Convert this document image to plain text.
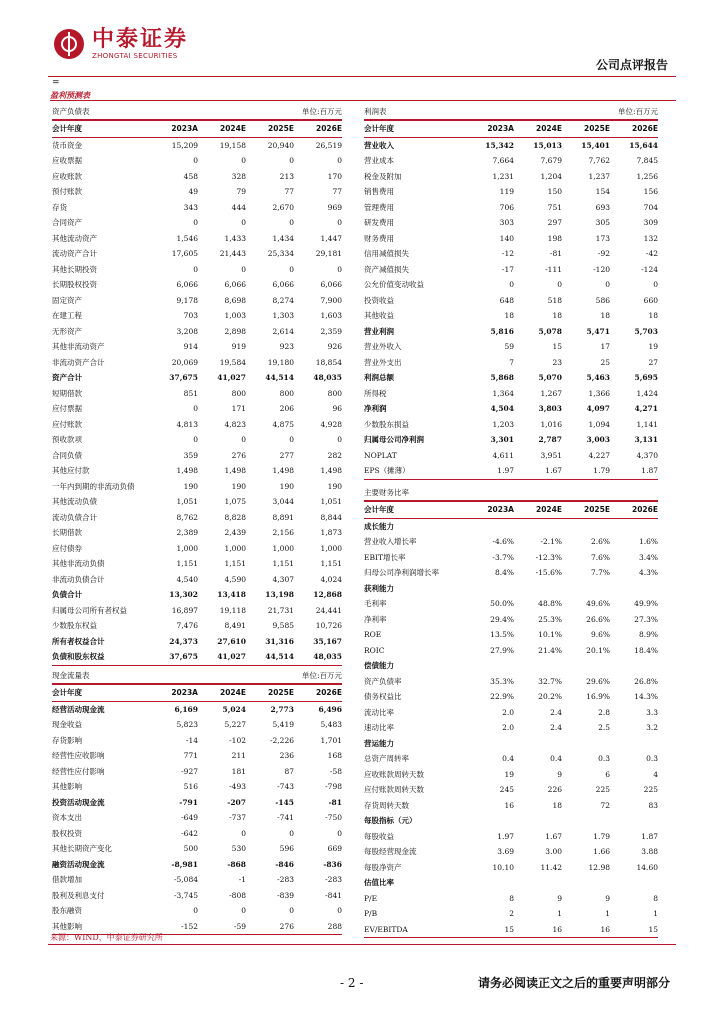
中泰证券
ZHONGTAI SECURITIES
公司点评报告
=
盈利预测表
资产负债表	单位:百万元
会计年度	2023A	2024E	2025E	2026E
货币资金	15,209	19,158	20,940	26,519
应收票据	0	0	0	0
应收账款	458	328	213	170
预付账款	49	79	77	77
存货	343	444	2,670	969
合同资产	0	0	0	0
其他流动资产	1,546	1,433	1,434	1,447
流动资产合计	17,605	21,443	25,334	29,181
其他长期投资	0	0	0	0
长期股权投资	6,066	6,066	6,066	6,066
固定资产	9,178	8,698	8,274	7,900
在建工程	703	1,003	1,303	1,603
无形资产	3,208	2,898	2,614	2,359
其他非流动资产	914	919	923	926
非流动资产合计	20,069	19,584	19,180	18,854
资产合计	37,675	41,027	44,514	48,035
短期借款	851	800	800	800
应付票据	0	171	206	96
应付账款	4,813	4,823	4,875	4,928
预收款项	0	0	0	0
合同负债	359	276	277	282
其他应付款	1,498	1,498	1,498	1,498
一年内到期的非流动负债	190	190	190	190
其他流动负债	1,051	1,075	3,044	1,051
流动负债合计	8,762	8,828	8,891	8,844
长期借款	2,389	2,439	2,156	1,873
应付债券	1,000	1,000	1,000	1,000
其他非流动负债	1,151	1,151	1,151	1,151
非流动负债合计	4,540	4,590	4,307	4,024
负债合计	13,302	13,418	13,198	12,868
归属母公司所有者权益	16,897	19,118	21,731	24,441
少数股东权益	7,476	8,491	9,585	10,726
所有者权益合计	24,373	27,610	31,316	35,167
负债和股东权益	37,675	41,027	44,514	48,035
利润表	单位:百万元
会计年度	2023A	2024E	2025E	2026E
营业收入	15,342	15,013	15,401	15,644
营业成本	7,664	7,679	7,762	7,845
税金及附加	1,231	1,204	1,237	1,256
销售费用	119	150	154	156
管理费用	706	751	693	704
研发费用	303	297	305	309
财务费用	140	198	173	132
信用减值损失	-12	-81	-92	-42
资产减值损失	-17	-111	-120	-124
公允价值变动收益	0	0	0	0
投资收益	648	518	586	660
其他收益	18	18	18	18
营业利润	5,816	5,078	5,471	5,703
营业外收入	59	15	17	19
营业外支出	7	23	25	27
利润总额	5,868	5,070	5,463	5,695
所得税	1,364	1,267	1,366	1,424
净利润	4,504	3,803	4,097	4,271
少数股东损益	1,203	1,016	1,094	1,141
归属母公司净利润	3,301	2,787	3,003	3,131
NOPLAT	4,611	3,951	4,227	4,370
EPS（摊薄）	1.97	1.67	1.79	1.87
主要财务比率
会计年度	2023A	2024E	2025E	2026E
成长能力
营业收入增长率	-4.6%	-2.1%	2.6%	1.6%
EBIT增长率	-3.7%	-12.3%	7.6%	3.4%
归母公司净利润增长率	8.4%	-15.6%	7.7%	4.3%
获利能力
毛利率	50.0%	48.8%	49.6%	49.9%
净利率	29.4%	25.3%	26.6%	27.3%
ROE	13.5%	10.1%	9.6%	8.9%
ROIC	27.9%	21.4%	20.1%	18.4%
偿债能力
资产负债率	35.3%	32.7%	29.6%	26.8%
债务权益比	22.9%	20.2%	16.9%	14.3%
流动比率	2.0	2.4	2.8	3.3
速动比率	2.0	2.4	2.5	3.2
营运能力
总资产周转率	0.4	0.4	0.3	0.3
应收账款周转天数	19	9	6	4
应付账款周转天数	245	226	225	225
存货周转天数	16	18	72	83
每股指标（元）
每股收益	1.97	1.67	1.79	1.87
每股经营现金流	3.69	3.00	1.66	3.88
每股净资产	10.10	11.42	12.98	14.60
估值比率
P/E	8	9	9	8
P/B	2	1	1	1
EV/EBITDA	15	16	16	15
现金流量表	单位:百万元
会计年度	2023A	2024E	2025E	2026E
经营活动现金流	6,169	5,024	2,773	6,496
现金收益	5,823	5,227	5,419	5,483
存货影响	-14	-102	-2,226	1,701
经营性应收影响	771	211	236	168
经营性应付影响	-927	181	87	-58
其他影响	516	-493	-743	-798
投资活动现金流	-791	-207	-145	-81
资本支出	-649	-737	-741	-750
股权投资	-642	0	0	0
其他长期资产变化	500	530	596	669
融资活动现金流	-8,981	-868	-846	-836
借款增加	-5,084	-1	-283	-283
股利及利息支付	-3,745	-808	-839	-841
股东融资	0	0	0	0
其他影响	-152	-59	276	288
来源：WIND，中泰证券研究所
- 2 -	请务必阅读正文之后的重要声明部分
